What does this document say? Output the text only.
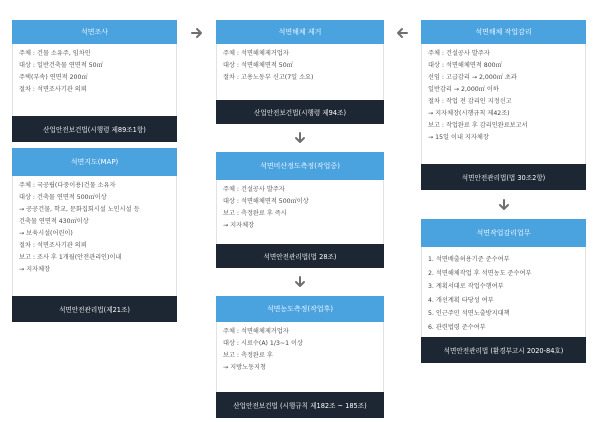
석면조사
주체 : 건물 소유주, 임차인
대상 : 일반건축물 연면적 50㎡
주택(부속) 연면적 200㎡
절차 : 석면조사기관 의뢰
산업안전보건법(시행령 제89조1항)
석면지도(MAP)
주체 : 국공립(다중이용)건물 소유자
대상 : 건축물 연면적 500㎡이상
→ 공공건물, 학교, 문화집회시설 노인시설 등
건축물 연면적 430㎡이상
→ 보육시설(어린이)
절차 : 석면조사기관 의뢰
보고 : 조사 후 1개월(안전관리인)이내
→ 지자체장
석면안전관리법(제21조)
석면해체 제거
주체 : 석면해체제거업자
대상 : 석면해체면적 50㎡
절차 : 고용노동부 신고(7일 소요)
산업안전보건법(시행령 제94조)
석면비산정도측정(작업중)
주체 : 건설공사 발주자
대상 : 석면해체면적 500㎡이상
보고 : 측정완료 후 즉시
→ 지자체장
석면안전관리법(법 28조)
석면농도측정(작업후)
주체 : 석면해체제거업자
대상 : 시료수(A) 1/3~1 이상
보고 : 측정완료 후
→ 지방노동지청
산업안전보건법 (시행규칙 제182조 ~ 185조)
석면해체 작업감리
주체 : 건설공사 발주자
대상 : 석면해체면적 800㎡
선임 : 고급감리 → 2,000㎡ 초과
일반감리 → 2,000㎡ 이하
절차 : 작업 전 감리인 지정신고
→ 지자체장(시행규칙 제42조)
보고 : 작업완료 후 감리인완료보고서
→ 15일 이내 지자체장
석면안전관리법(법 30조2항)
석면작업감리업무
1. 석면배출허용기준 준수여부
2. 석면해체작업 후 석면농도 준수여부
3. 계획서대로 작업수행여부
4. 개선계획 타당성 여부
5. 인근주민 석면노출방지대책
6. 관련법령 준수여부
석면안전관리법 (환경부고시 2020-84호)
